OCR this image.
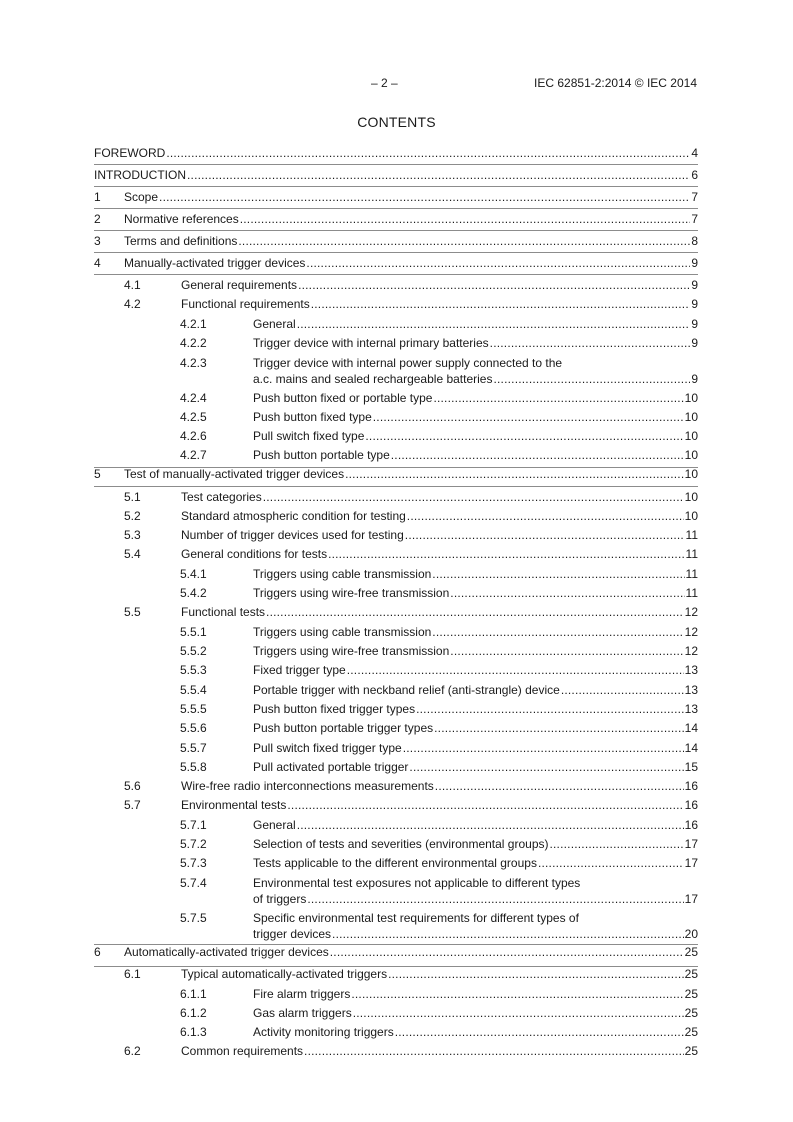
– 2 –	IEC 62851-2:2014 © IEC 2014
CONTENTS
FOREWORD .....	4
INTRODUCTION .....	6
1 Scope .....	7
2 Normative references .....	7
3 Terms and definitions .....	8
4 Manually-activated trigger devices .....	9
4.1	General requirements .....	9
4.2	Functional requirements .....	9
4.2.1	General .....	9
4.2.2	Trigger device with internal primary batteries .....	9
4.2.3	Trigger device with internal power supply connected to the
a.c. mains and sealed rechargeable batteries .....	9
4.2.4	Push button fixed or portable type .....	10
4.2.5	Push button fixed type .....	10
4.2.6	Pull switch fixed type .....	10
4.2.7	Push button portable type .....	10
5 Test of manually-activated trigger devices .....	10
5.1	Test categories .....	10
5.2	Standard atmospheric condition for testing .....	10
5.3	Number of trigger devices used for testing .....	11
5.4	General conditions for tests .....	11
5.4.1	Triggers using cable transmission .....	11
5.4.2	Triggers using wire-free transmission .....	11
5.5	Functional tests .....	12
5.5.1	Triggers using cable transmission .....	12
5.5.2	Triggers using wire-free transmission .....	12
5.5.3	Fixed trigger type .....	13
5.5.4	Portable trigger with neckband relief (anti-strangle) device .....	13
5.5.5	Push button fixed trigger types .....	13
5.5.6	Push button portable trigger types .....	14
5.5.7	Pull switch fixed trigger type .....	14
5.5.8	Pull activated portable trigger .....	15
5.6	Wire-free radio interconnections measurements .....	16
5.7	Environmental tests .....	16
5.7.1	General .....	16
5.7.2	Selection of tests and severities (environmental groups) .....	17
5.7.3	Tests applicable to the different environmental groups .....	17
5.7.4	Environmental test exposures not applicable to different types
of triggers .....	17
5.7.5	Specific environmental test requirements for different types of
trigger devices .....	20
6 Automatically-activated trigger devices .....	25
6.1	Typical automatically-activated triggers .....	25
6.1.1	Fire alarm triggers .....	25
6.1.2	Gas alarm triggers .....	25
6.1.3	Activity monitoring triggers .....	25
6.2	Common requirements .....	25
